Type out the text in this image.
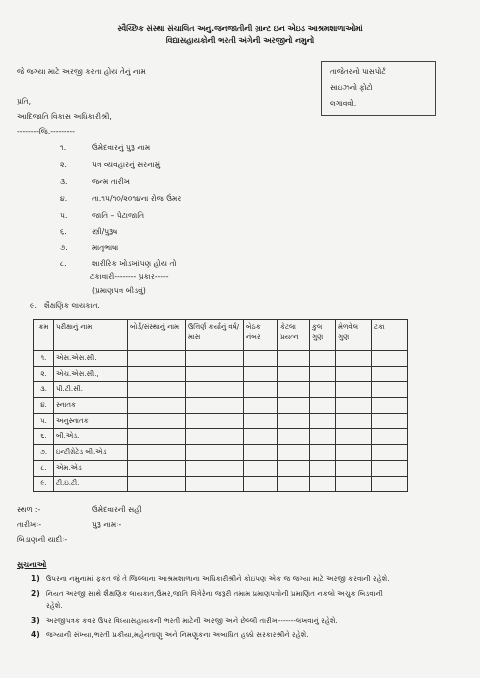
સ્વૈચ્છિક સંસ્થા સંચાલિત અનુ.જનજાતીની ગ્રાન્ટ ઇન એઇડ આશ્રમશાળાઓમાં
વિદ્યાસહાયકોની ભરતી અંગેની અરજીનો નમુનો
જે જગ્યા માટે અરજી કરતા હોય તેનું નામ	તાજેતરનો પાસપોર્ટ
સાઇઝનો ફોટો
લગાવવો.
પ્રતિ,
આદિજાતિ વિકાસ અધિકારીશ્રી,
--------જિ.---------
૧.	ઉમેદવારનું પુરૂ નામ
૨.	પત્ર વ્યવહારનું સરનામું
૩.	જન્મ તારીખ
૪.	તા.૧૫/૧૦/૨૦૧૪ના રોજ ઉંમર
૫.	જાતિ – પેટાજાતિ
૬.	સ્ત્રી/પુરૂષ
૭.	માતૃભાષા
૮.	શારીરિક ખોડખાંપણ હોય તો
ટકાવારી-------- પ્રકાર-----
(પ્રમાણપત્ર બીડવું)
૯. શૈક્ષણિક લાયકાત.
ક્રમ	પરીક્ષાનું નામ	બોર્ડ/સંસ્થાનું નામ	ઉત્તિર્ણ કર્યાનું વર્ષ/માસ	બેઠક નંબર	કેટલા પ્રયત્ન	કુલ ગુણ	મેળવેલ ગુણ	ટકા
૧.	એસ.એસ.સી.							
૨.	એચ.એસ.સી.,							
૩.	પી.ટી.સી.							
૪.	સ્નાતક							
૫.	અનુસ્નાતક							
૬.	બી.એડ.							
૭.	ઇન્ટીગ્રેટેડ બી.એડ							
૮.	એમ.એડ							
૯.	ટી.ઇ.ટી.							
સ્થળ :-	ઉમેદવારની સહી
તારીખઃ-	પુરૂ નામઃ-
બિડાણની યાદીઃ-
સુચનાઓ
1) ઉપરના નમુનામાં ફકત જે તે જિલ્લાના આશ્રમશાળાના અધિકારીશ્રીને કોઇપણ એક જ જગ્યા માટે અરજી કરવાની રહેશે.
2) નિયત અરજી સાથે શૈક્ષણિક લાયકાત,ઉંમર,જાતિ વિગેરેના જરૂરી તમામ પ્રમાણપત્રોની પ્રમાણિત નકલો અચુક બિડવાની
રહેશે.
3) અરજીપત્રક કવર ઉપર વિધ્યાસહાયકની ભરતી માટેની અરજી અને છેલ્લી તારીખ-------લખવાનું રહેશે.
4) જગ્યાની સંખ્યા,ભરતી પ્રકીયા,મહેનતાણુ અને નિમણુકના અબાધિત હક્કો સરકારશ્રીને રહેશે.
